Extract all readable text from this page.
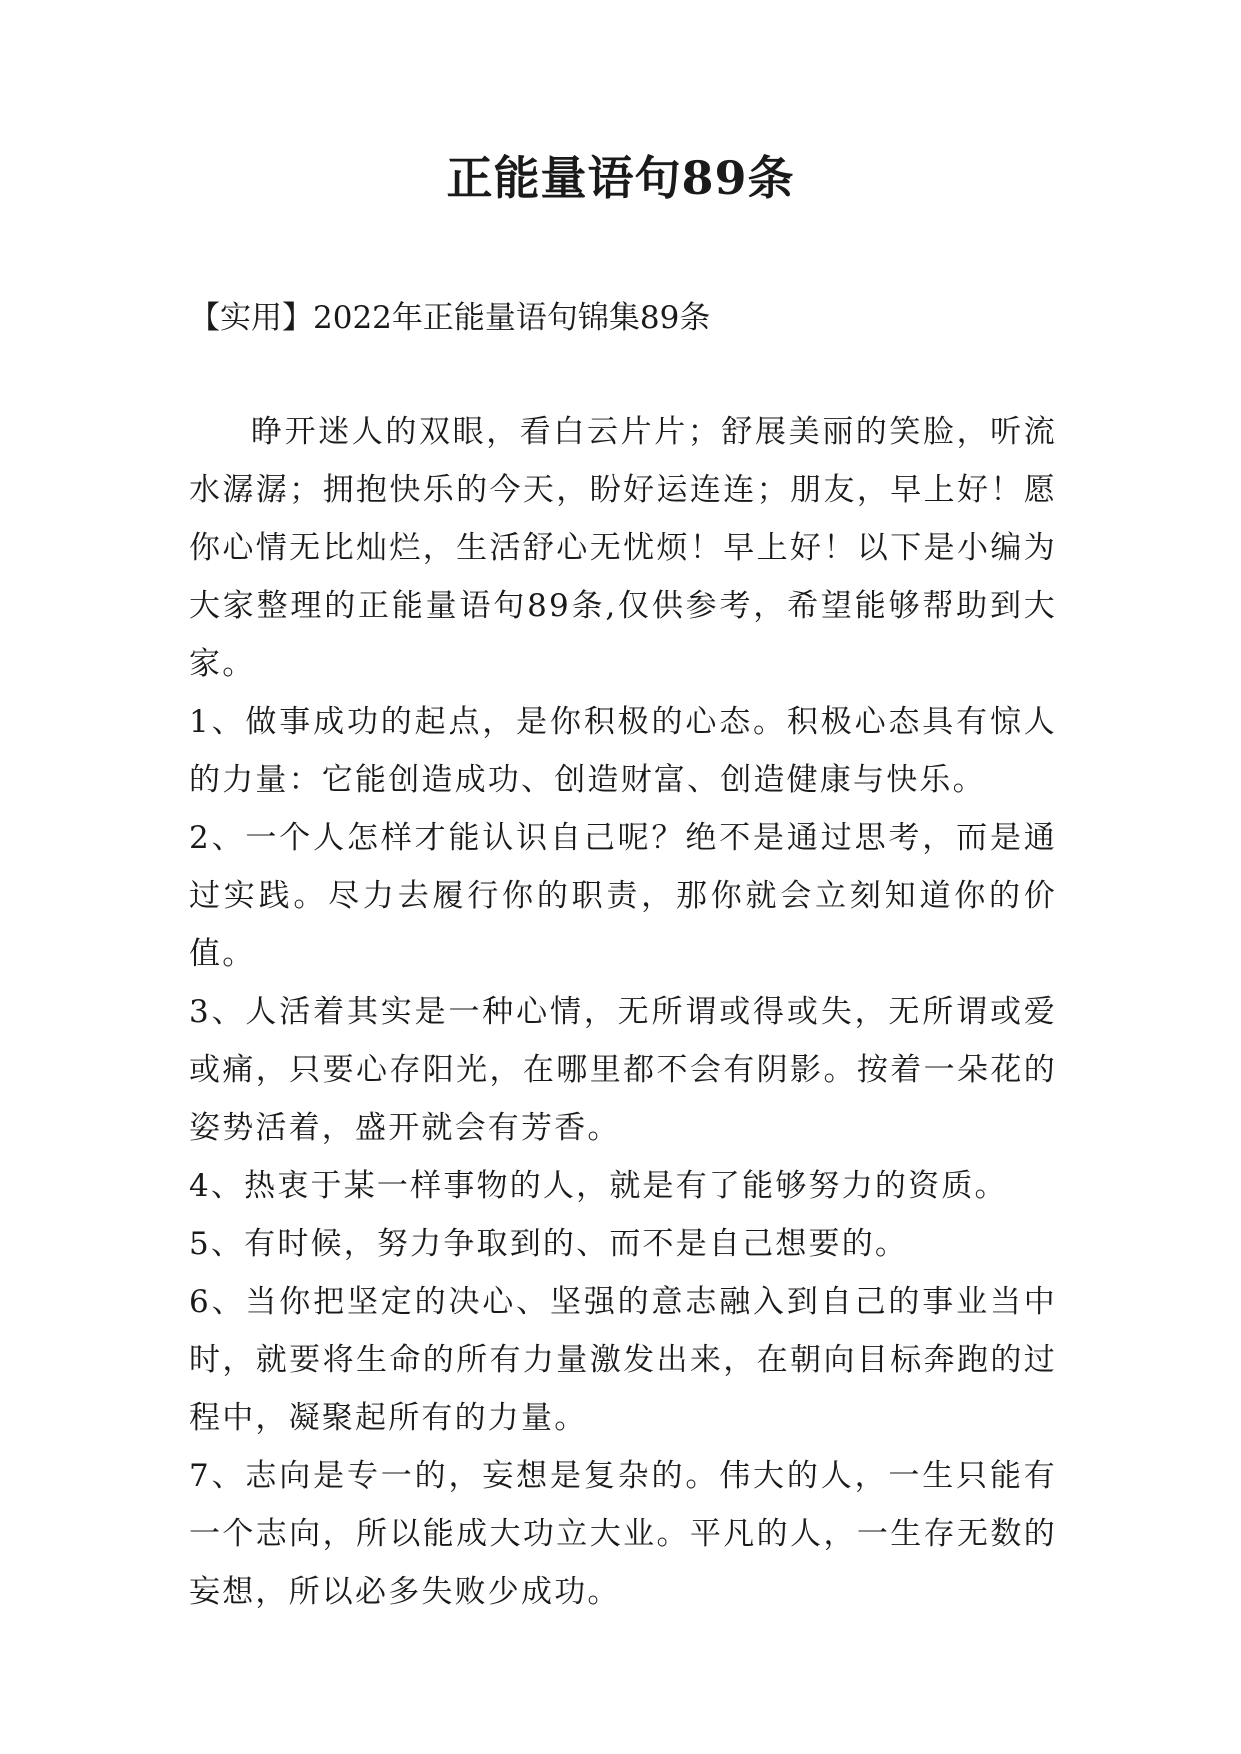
正能量语句89条
【实用】2022年正能量语句锦集89条

睁开迷人的双眼，看白云片片；舒展美丽的笑脸，听流水潺潺；拥抱快乐的今天，盼好运连连；朋友，早上好！愿你心情无比灿烂，生活舒心无忧烦！早上好！以下是小编为大家整理的正能量语句89条,仅供参考，希望能够帮助到大家。

1、做事成功的起点，是你积极的心态。积极心态具有惊人的力量：它能创造成功、创造财富、创造健康与快乐。

2、一个人怎样才能认识自己呢？绝不是通过思考，而是通过实践。尽力去履行你的职责，那你就会立刻知道你的价值。

3、人活着其实是一种心情，无所谓或得或失，无所谓或爱或痛，只要心存阳光，在哪里都不会有阴影。按着一朵花的姿势活着，盛开就会有芳香。

4、热衷于某一样事物的人，就是有了能够努力的资质。

5、有时候，努力争取到的、而不是自己想要的。

6、当你把坚定的决心、坚强的意志融入到自己的事业当中时，就要将生命的所有力量激发出来，在朝向目标奔跑的过程中，凝聚起所有的力量。

7、志向是专一的，妄想是复杂的。伟大的人，一生只能有一个志向，所以能成大功立大业。平凡的人，一生存无数的妄想，所以必多失败少成功。
